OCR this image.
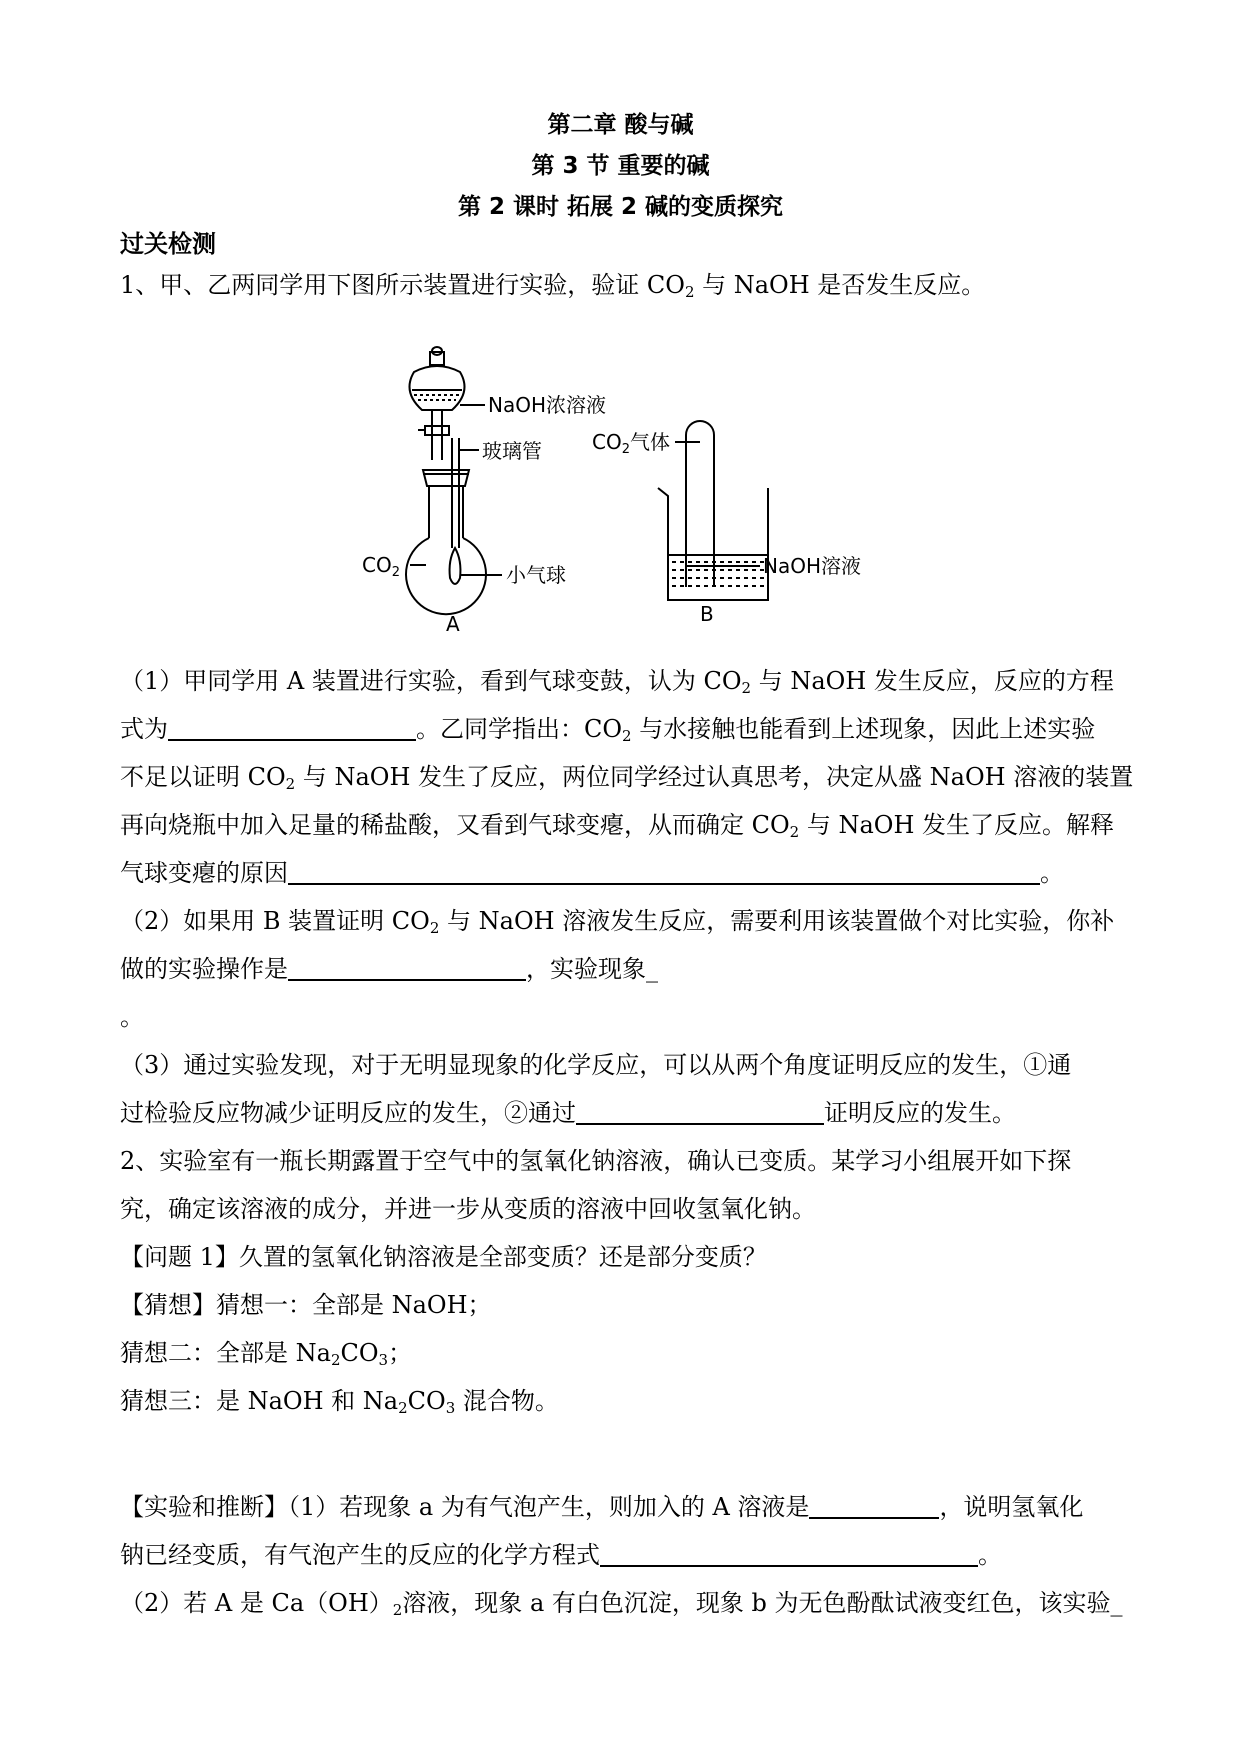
第二章 酸与碱
第 3 节 重要的碱
第 2 课时 拓展 2 碱的变质探究
过关检测
1、甲、乙两同学用下图所示装置进行实验，验证 $CO_2$ 与 NaOH 是否发生反应。
NaOH浓溶液
玻璃管
$CO_2$	小气球
A
$CO_2$气体
NaOH溶液
B
（1）甲同学用 A 装置进行实验，看到气球变鼓，认为 $CO_2$ 与 NaOH 发生反应，反应的方程
式为	。乙同学指出：$CO_2$ 与水接触也能看到上述现象，因此上述实验
不足以证明 $CO_2$ 与 NaOH 发生了反应，两位同学经过认真思考，决定从盛 NaOH 溶液的装置
再向烧瓶中加入足量的稀盐酸，又看到气球变瘪，从而确定 $CO_2$ 与 NaOH 发生了反应。解释
气球变瘪的原因	。
（2）如果用 B 装置证明 $CO_2$ 与 NaOH 溶液发生反应，需要利用该装置做个对比实验，你补
做的实验操作是	，实验现象_
。
（3）通过实验发现，对于无明显现象的化学反应，可以从两个角度证明反应的发生，①通
过检验反应物减少证明反应的发生，②通过	证明反应的发生。
2、实验室有一瓶长期露置于空气中的氢氧化钠溶液，确认已变质。某学习小组展开如下探
究，确定该溶液的成分，并进一步从变质的溶液中回收氢氧化钠。
【问题 1】久置的氢氧化钠溶液是全部变质？还是部分变质？
【猜想】猜想一：全部是 NaOH；
猜想二：全部是 $Na_2CO_3$；
猜想三：是 NaOH 和 $Na_2CO_3$ 混合物。
【实验和推断】（1）若现象 a 为有气泡产生，则加入的 A 溶液是	，说明氢氧化
钠已经变质，有气泡产生的反应的化学方程式	。
（2）若 A 是 $Ca(OH)_2$溶液，现象 a 有白色沉淀，现象 b 为无色酚酞试液变红色，该实验_
